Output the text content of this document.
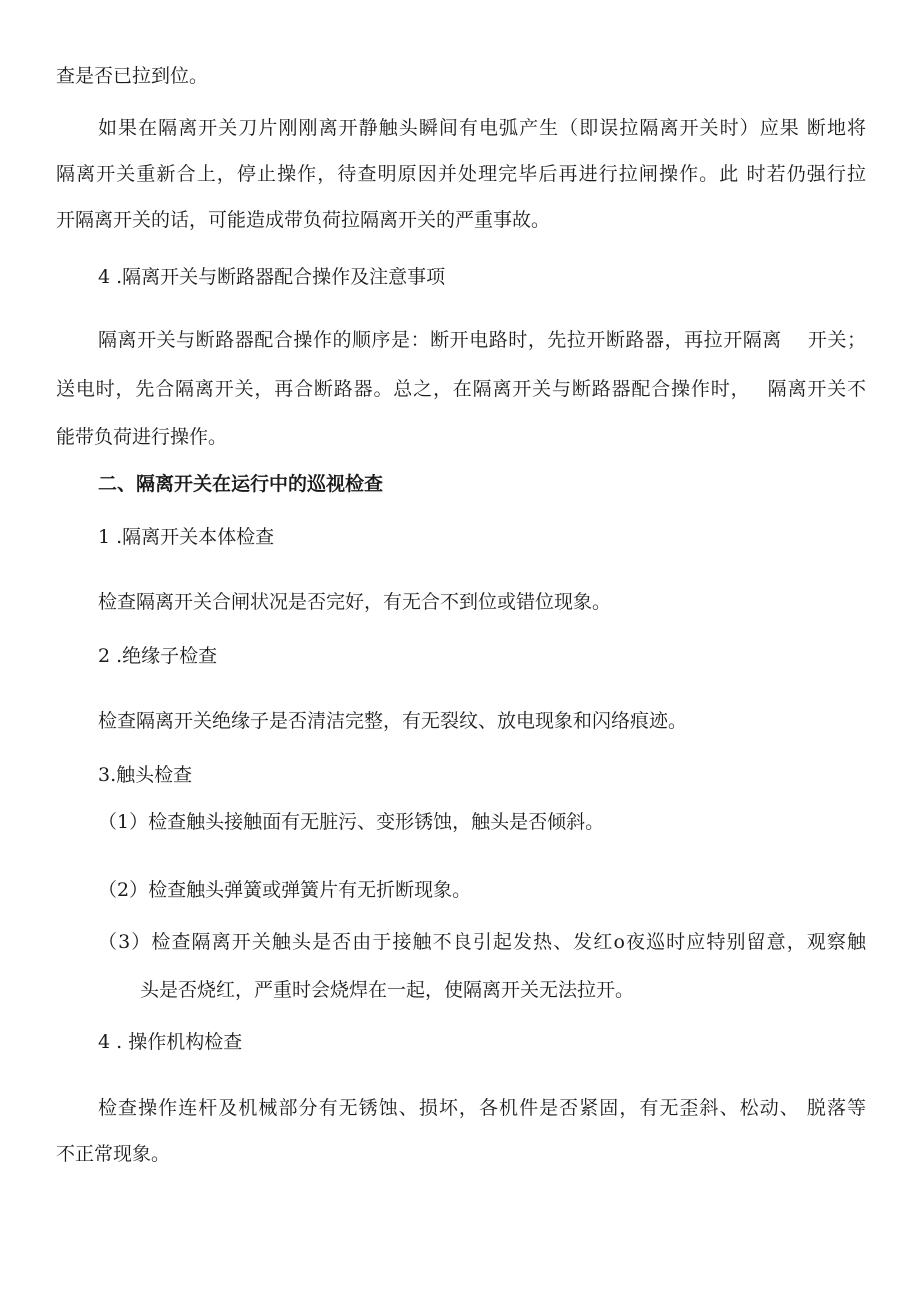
查是否已拉到位。
如果在隔离开关刀片刚刚离开静触头瞬间有电弧产生（即误拉隔离开关时）应果 断地将
隔离开关重新合上，停止操作，待查明原因并处理完毕后再进行拉闸操作。此 时若仍强行拉
开隔离开关的话，可能造成带负荷拉隔离开关的严重事故。
4 .隔离开关与断路器配合操作及注意事项
隔离开关与断路器配合操作的顺序是：断开电路时，先拉开断路器，再拉开隔离　 开关；
送电时，先合隔离开关，再合断路器。总之，在隔离开关与断路器配合操作时，　 隔离开关不
能带负荷进行操作。
二、隔离开关在运行中的巡视检查
1 .隔离开关本体检查
检查隔离开关合闸状况是否完好，有无合不到位或错位现象。
2 .绝缘子检查
检查隔离开关绝缘子是否清洁完整，有无裂纹、放电现象和闪络痕迹。
3.触头检查
（1）检查触头接触面有无脏污、变形锈蚀，触头是否倾斜。
（2）检查触头弹簧或弹簧片有无折断现象。
（3）检查隔离开关触头是否由于接触不良引起发热、发红o夜巡时应特别留意，观察触
头是否烧红，严重时会烧焊在一起，使隔离开关无法拉开。
4 . 操作机构检查
检查操作连杆及机械部分有无锈蚀、损坏，各机件是否紧固，有无歪斜、松动、 脱落等
不正常现象。
